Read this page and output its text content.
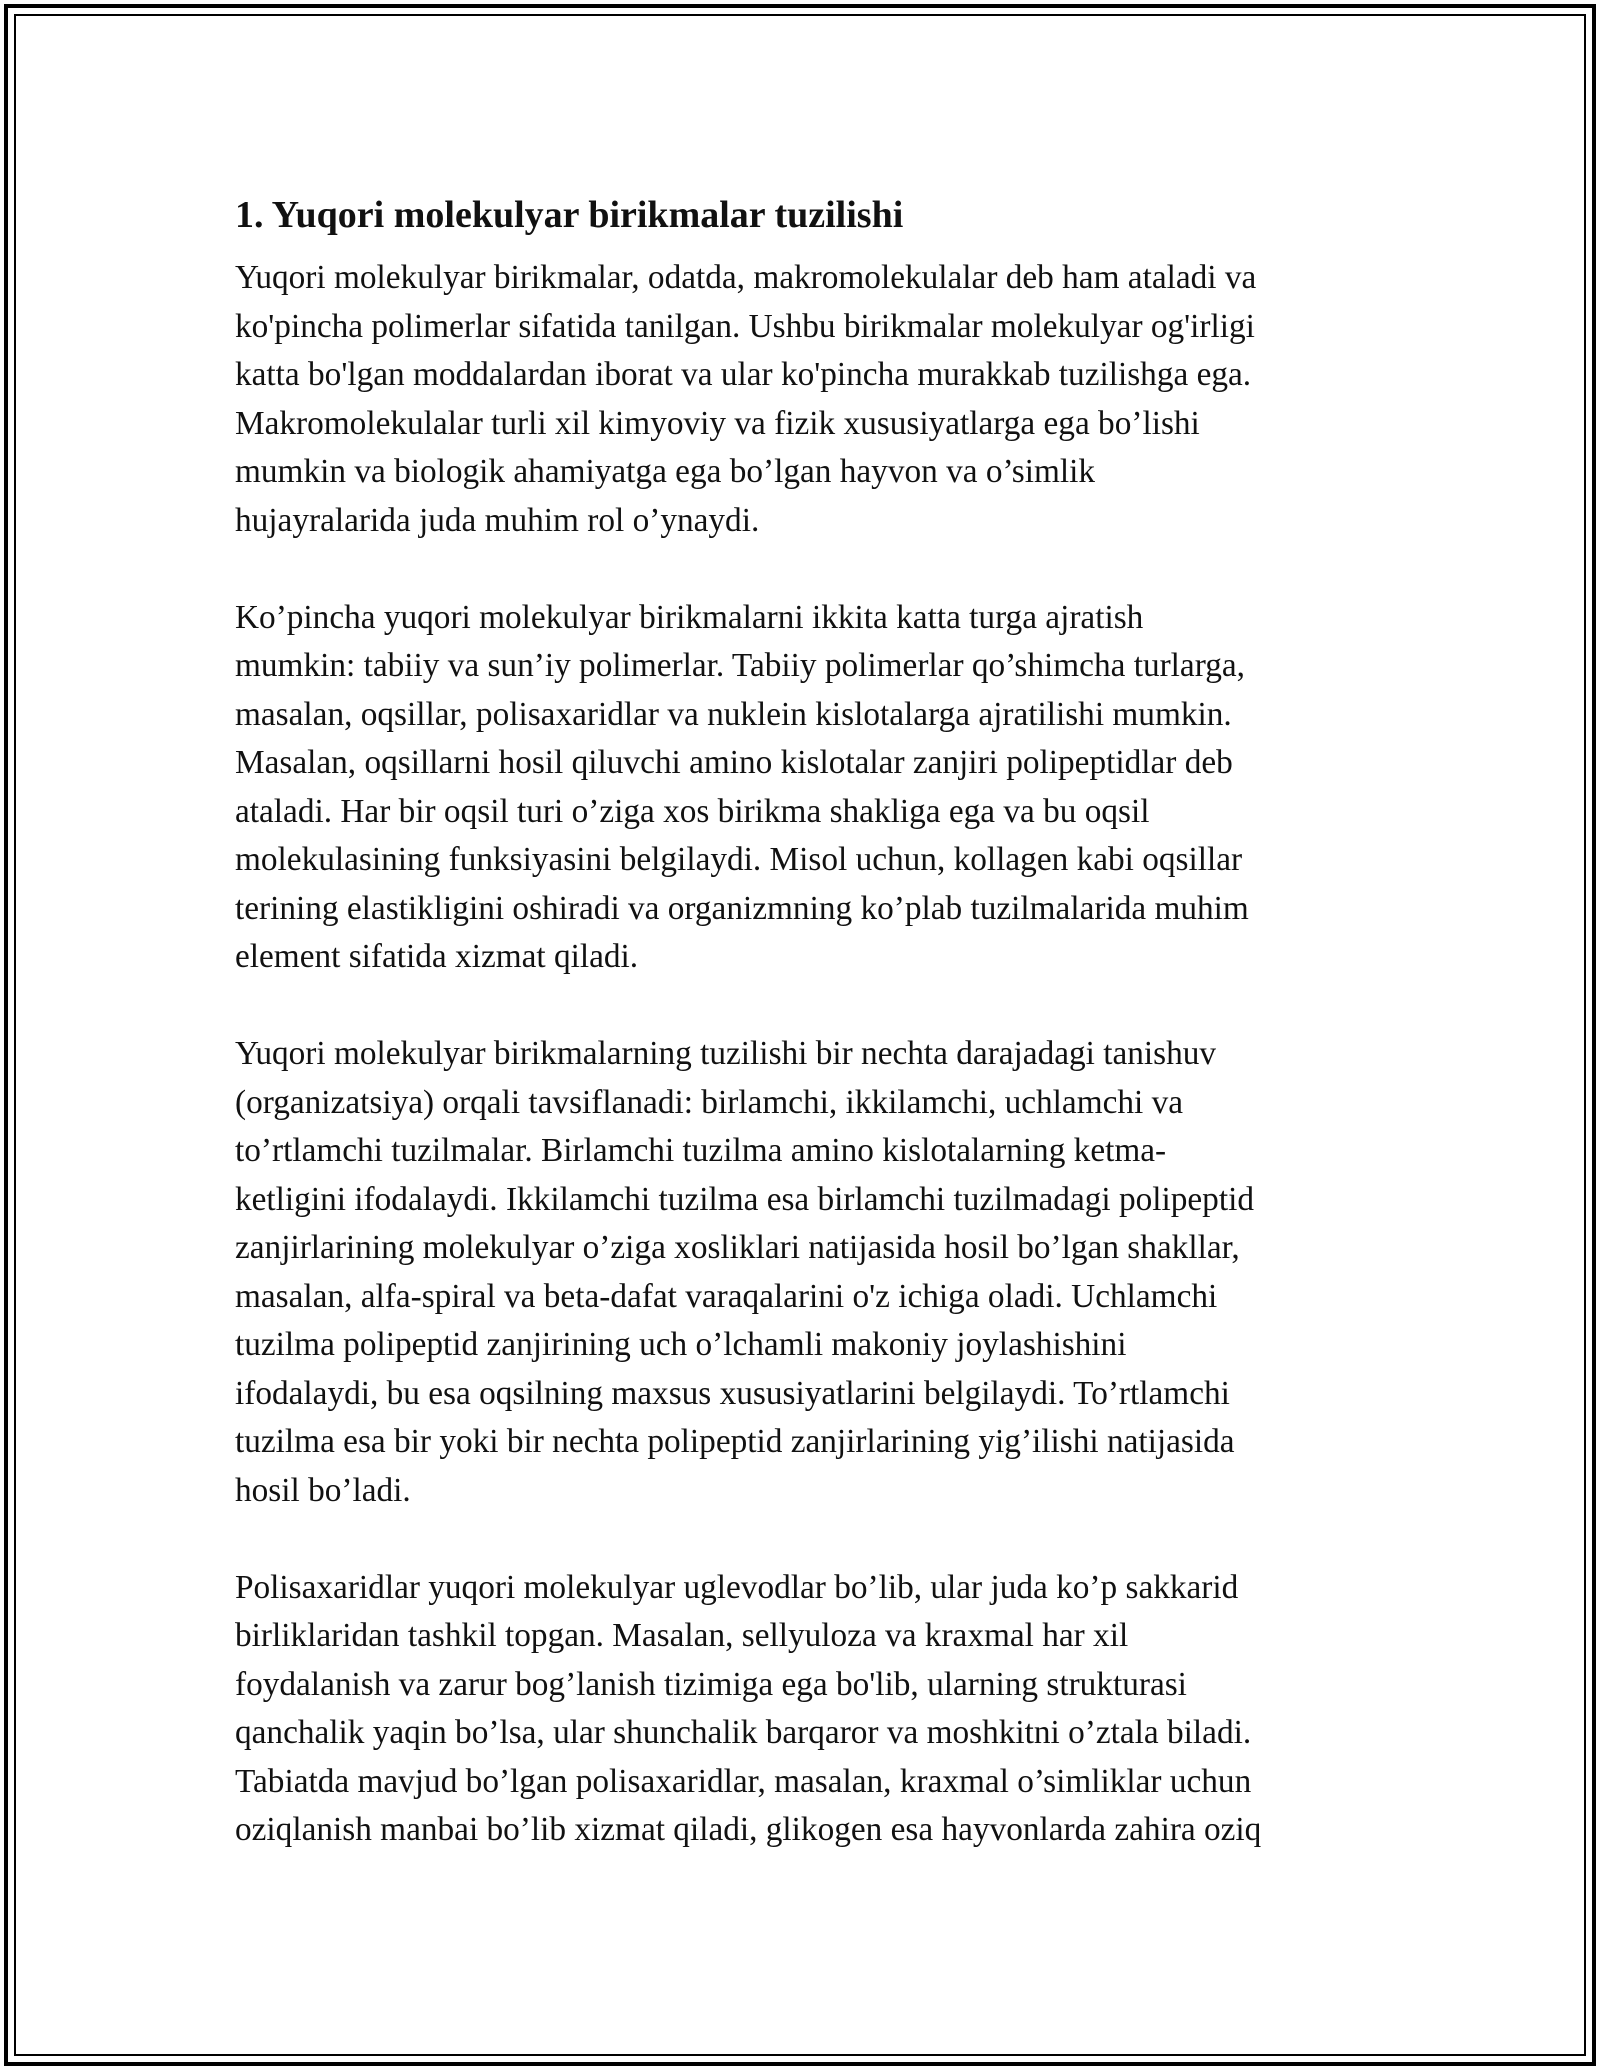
1. Yuqori molekulyar birikmalar tuzilishi
Yuqori molekulyar birikmalar, odatda, makromolekulalar deb ham ataladi va
ko'pincha polimerlar sifatida tanilgan. Ushbu birikmalar molekulyar og'irligi
katta bo'lgan moddalardan iborat va ular ko'pincha murakkab tuzilishga ega.
Makromolekulalar turli xil kimyoviy va fizik xususiyatlarga ega bo’lishi
mumkin va biologik ahamiyatga ega bo’lgan hayvon va o’simlik
hujayralarida juda muhim rol o’ynaydi.
Ko’pincha yuqori molekulyar birikmalarni ikkita katta turga ajratish
mumkin: tabiiy va sun’iy polimerlar. Tabiiy polimerlar qo’shimcha turlarga,
masalan, oqsillar, polisaxaridlar va nuklein kislotalarga ajratilishi mumkin.
Masalan, oqsillarni hosil qiluvchi amino kislotalar zanjiri polipeptidlar deb
ataladi. Har bir oqsil turi o’ziga xos birikma shakliga ega va bu oqsil
molekulasining funksiyasini belgilaydi. Misol uchun, kollagen kabi oqsillar
terining elastikligini oshiradi va organizmning ko’plab tuzilmalarida muhim
element sifatida xizmat qiladi.
Yuqori molekulyar birikmalarning tuzilishi bir nechta darajadagi tanishuv
(organizatsiya) orqali tavsiflanadi: birlamchi, ikkilamchi, uchlamchi va
to’rtlamchi tuzilmalar. Birlamchi tuzilma amino kislotalarning ketma-
ketligini ifodalaydi. Ikkilamchi tuzilma esa birlamchi tuzilmadagi polipeptid
zanjirlarining molekulyar o’ziga xosliklari natijasida hosil bo’lgan shakllar,
masalan, alfa-spiral va beta-dafat varaqalarini o'z ichiga oladi. Uchlamchi
tuzilma polipeptid zanjirining uch o’lchamli makoniy joylashishini
ifodalaydi, bu esa oqsilning maxsus xususiyatlarini belgilaydi. To’rtlamchi
tuzilma esa bir yoki bir nechta polipeptid zanjirlarining yig’ilishi natijasida
hosil bo’ladi.
Polisaxaridlar yuqori molekulyar uglevodlar bo’lib, ular juda ko’p sakkarid
birliklaridan tashkil topgan. Masalan, sellyuloza va kraxmal har xil
foydalanish va zarur bog’lanish tizimiga ega bo'lib, ularning strukturasi
qanchalik yaqin bo’lsa, ular shunchalik barqaror va moshkitni o’ztala biladi.
Tabiatda mavjud bo’lgan polisaxaridlar, masalan, kraxmal o’simliklar uchun
oziqlanish manbai bo’lib xizmat qiladi, glikogen esa hayvonlarda zahira oziq
